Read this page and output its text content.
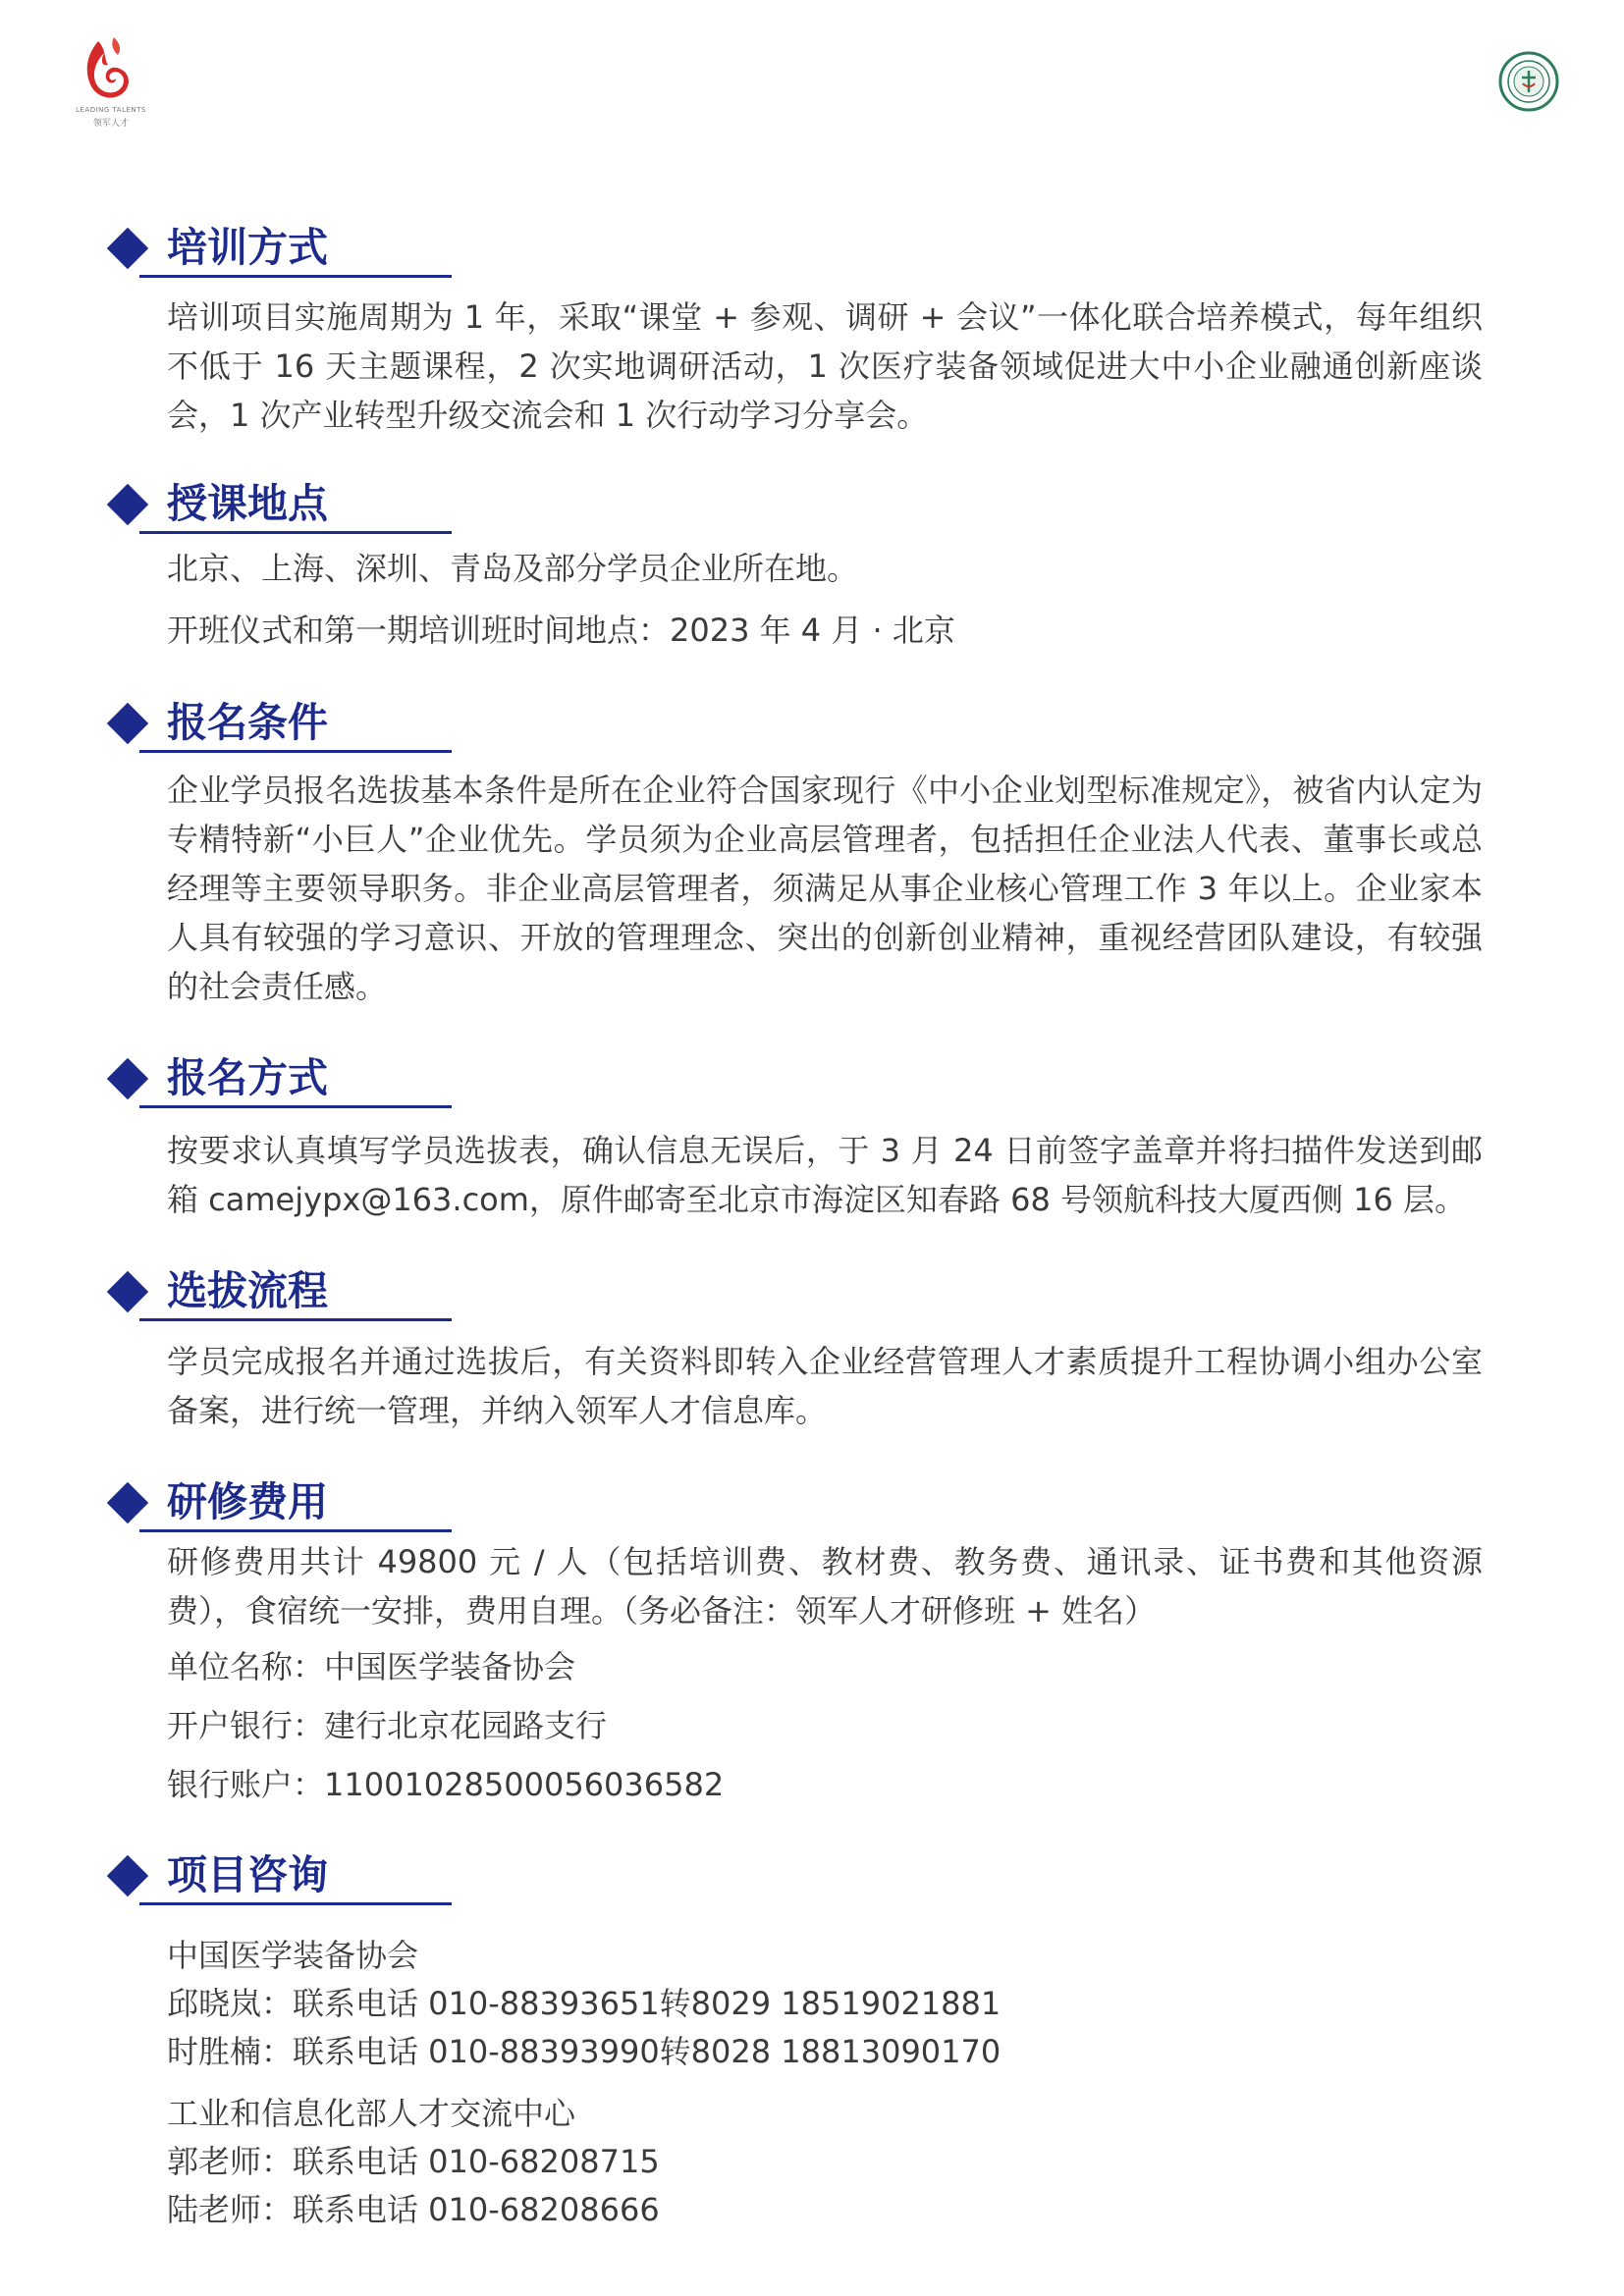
LEADING TALENTS
领军人才
培训方式

培训项目实施周期为 1 年，采取“课堂 + 参观、调研 + 会议”一体化联合培养模式，每年组织不低于 16 天主题课程，2 次实地调研活动，1 次医疗装备领域促进大中小企业融通创新座谈会，1 次产业转型升级交流会和 1 次行动学习分享会。

授课地点
北京、上海、深圳、青岛及部分学员企业所在地。
开班仪式和第一期培训班时间地点：2023 年 4 月 · 北京
报名条件

企业学员报名选拔基本条件是所在企业符合国家现行《中小企业划型标准规定》，被省内认定为专精特新“小巨人”企业优先。学员须为企业高层管理者，包括担任企业法人代表、董事长或总经理等主要领导职务。非企业高层管理者，须满足从事企业核心管理工作 3 年以上。企业家本人具有较强的学习意识、开放的管理理念、突出的创新创业精神，重视经营团队建设，有较强的社会责任感。

报名方式

按要求认真填写学员选拔表，确认信息无误后，于 3 月 24 日前签字盖章并将扫描件发送到邮箱 camejypx@163.com，原件邮寄至北京市海淀区知春路 68 号领航科技大厦西侧 16 层。

选拔流程

学员完成报名并通过选拔后，有关资料即转入企业经营管理人才素质提升工程协调小组办公室备案，进行统一管理，并纳入领军人才信息库。

研修费用

研修费用共计 49800 元 / 人（包括培训费、教材费、教务费、通讯录、证书费和其他资源费），食宿统一安排，费用自理。（务必备注：领军人才研修班 + 姓名）

单位名称：中国医学装备协会
开户银行：建行北京花园路支行
银行账户：11001028500056036582
项目咨询
中国医学装备协会
邱晓岚：联系电话 010-88393651转8029 18519021881
时胜楠：联系电话 010-88393990转8028 18813090170
工业和信息化部人才交流中心
郭老师：联系电话 010-68208715
陆老师：联系电话 010-68208666
